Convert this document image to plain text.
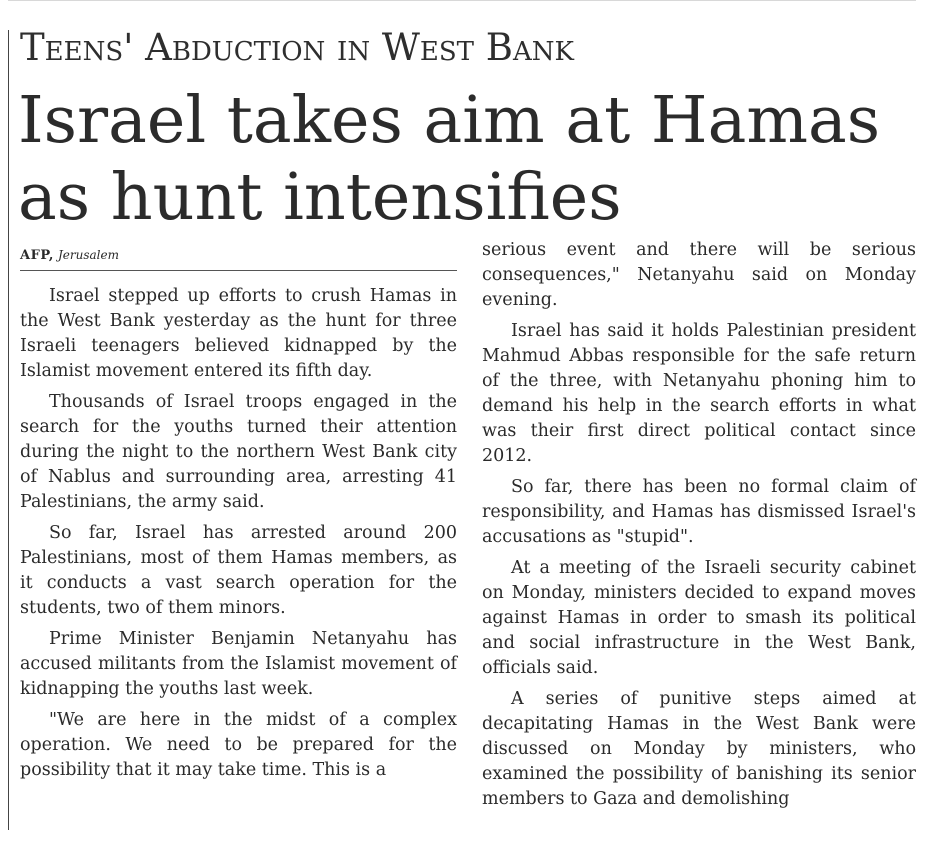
Teens' Abduction in West Bank
Israel takes aim at Hamas
as hunt intensifies
AFP, Jerusalem

Israel stepped up efforts to crush Hamas in the West Bank yesterday as the hunt for three Israeli teenagers believed kidnapped by the Islamist movement entered its fifth day.

Thousands of Israel troops engaged in the search for the youths turned their attention during the night to the northern West Bank city of Nablus and surrounding area, arresting 41 Palestinians, the army said.

So far, Israel has arrested around 200 Palestinians, most of them Hamas members, as it conducts a vast search operation for the students, two of them minors.

Prime Minister Benjamin Netanyahu has accused militants from the Islamist movement of kidnapping the youths last week.

"We are here in the midst of a complex operation. We need to be prepared for the possibility that it may take time. This is a

serious event and there will be serious consequences," Netanyahu said on Monday evening.

Israel has said it holds Palestinian president Mahmud Abbas responsible for the safe return of the three, with Netanyahu phoning him to demand his help in the search efforts in what was their first direct political contact since 2012.

So far, there has been no formal claim of responsibility, and Hamas has dismissed Israel's accusations as "stupid".

At a meeting of the Israeli security cabinet on Monday, ministers decided to expand moves against Hamas in order to smash its political and social infrastructure in the West Bank, officials said.

A series of punitive steps aimed at decapitating Hamas in the West Bank were discussed on Monday by ministers, who examined the possibility of banishing its senior members to Gaza and demolishing
